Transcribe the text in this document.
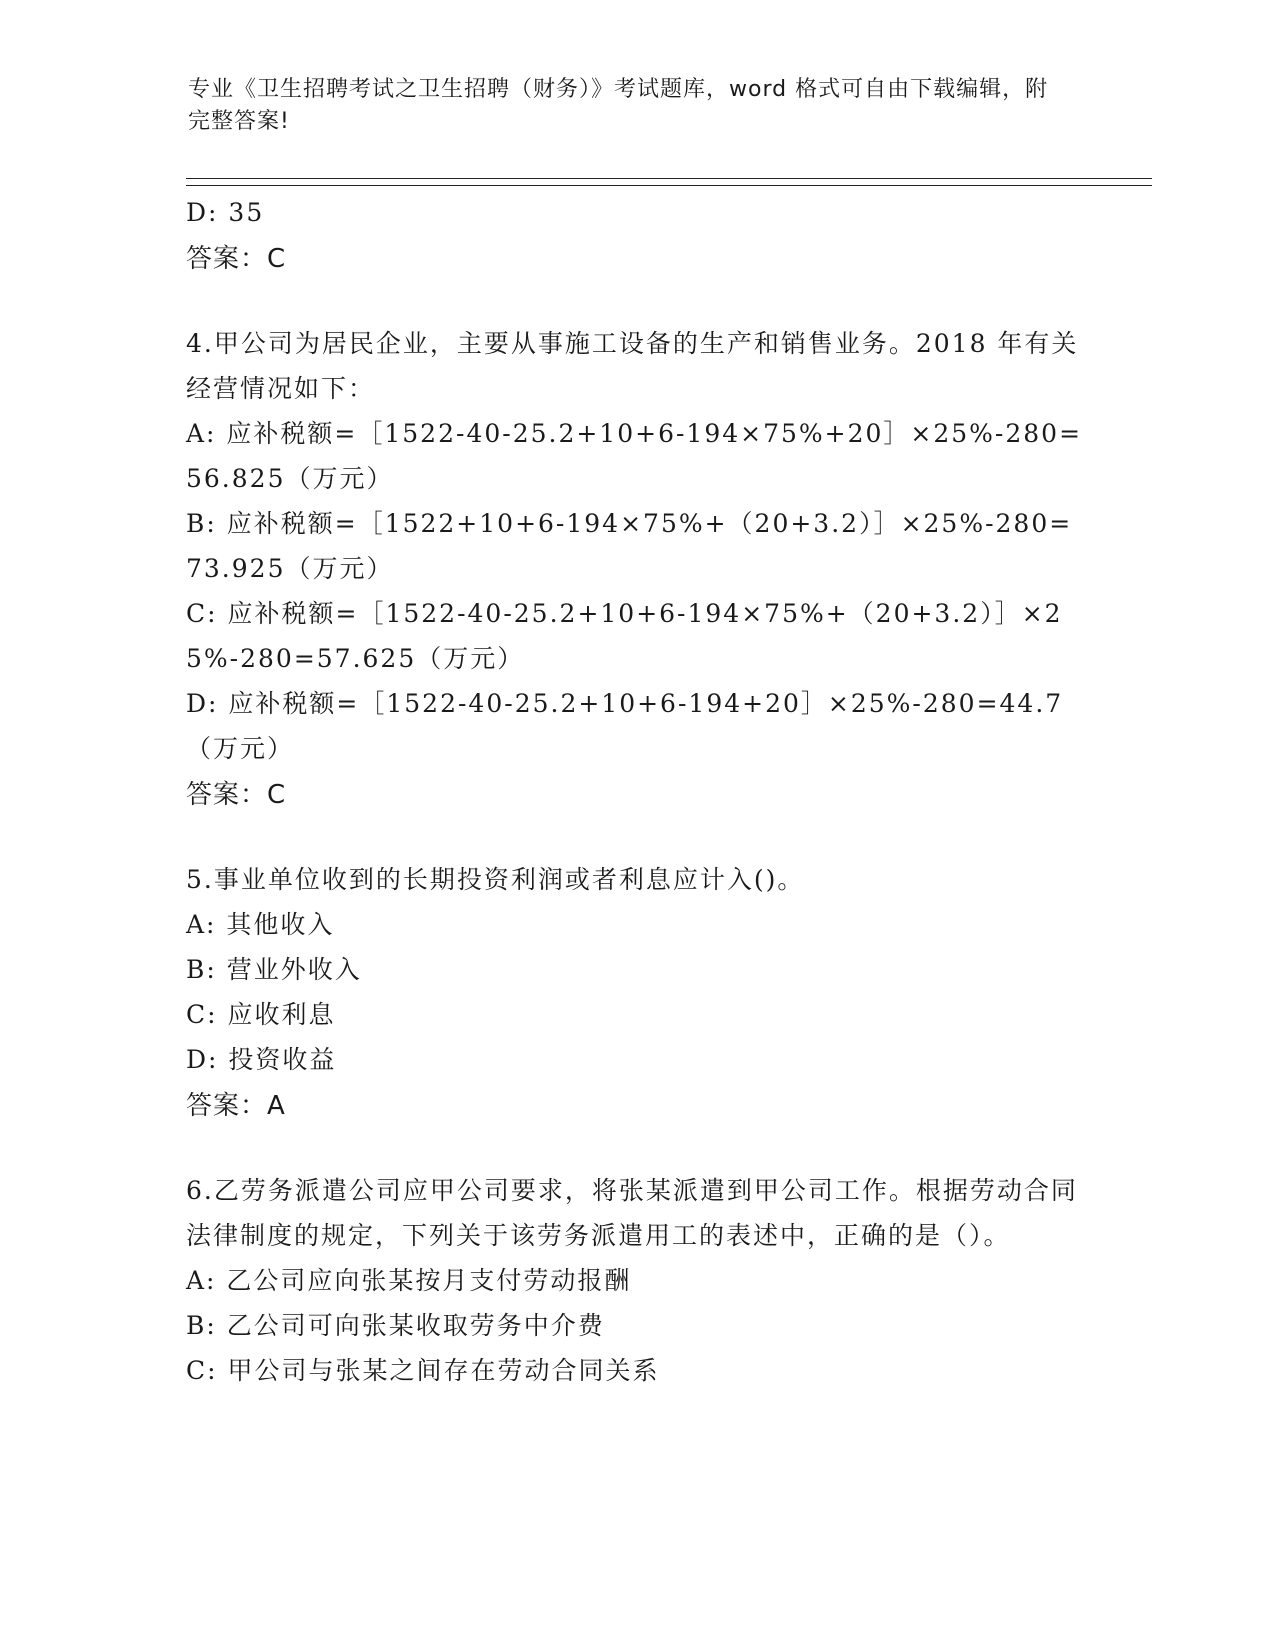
专业《卫生招聘考试之卫生招聘（财务）》考试题库，word 格式可自由下载编辑，附完整答案!
D: 35
答案：C
4.甲公司为居民企业，主要从事施工设备的生产和销售业务。2018 年有关经营情况如下：
A: 应补税额=［1522-40-25.2+10+6-194×75%+20］×25%-280=56.825（万元）
B: 应补税额=［1522+10+6-194×75%+（20+3.2）］×25%-280=73.925（万元）
C: 应补税额=［1522-40-25.2+10+6-194×75%+（20+3.2）］×25%-280=57.625（万元）
D: 应补税额=［1522-40-25.2+10+6-194+20］×25%-280=44.7（万元）
答案：C
5.事业单位收到的长期投资利润或者利息应计入()。
A: 其他收入
B: 营业外收入
C: 应收利息
D: 投资收益
答案：A
6.乙劳务派遣公司应甲公司要求，将张某派遣到甲公司工作。根据劳动合同法律制度的规定，下列关于该劳务派遣用工的表述中，正确的是（）。
A: 乙公司应向张某按月支付劳动报酬
B: 乙公司可向张某收取劳务中介费
C: 甲公司与张某之间存在劳动合同关系
